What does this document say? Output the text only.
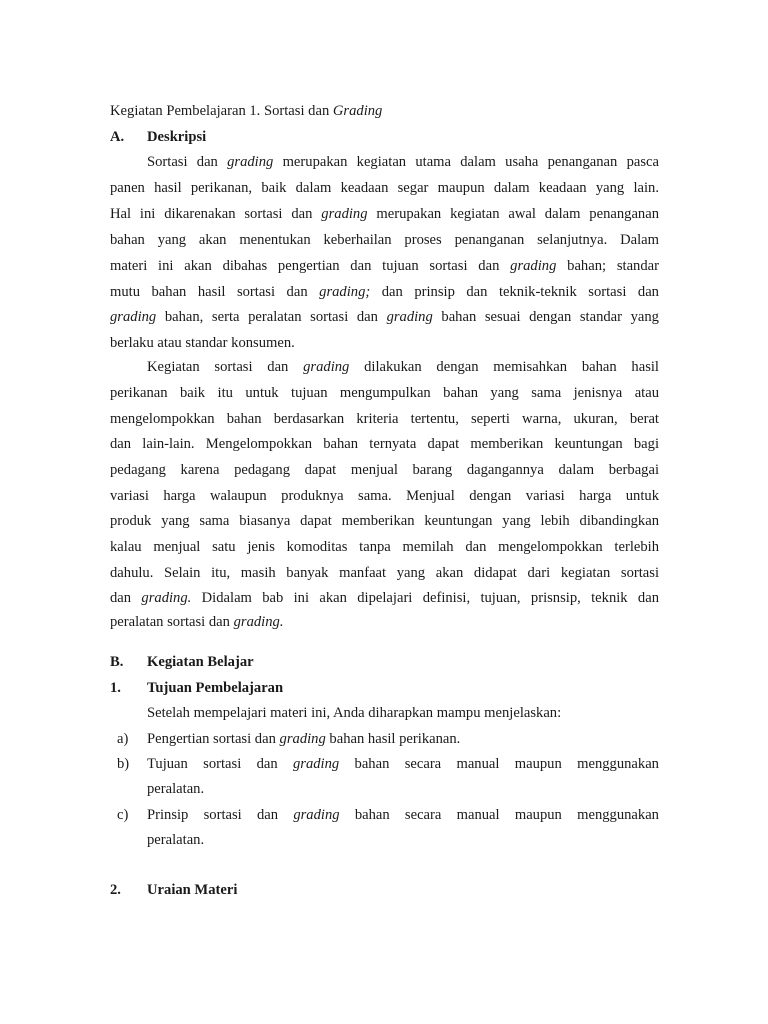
Kegiatan Pembelajaran 1. Sortasi dan Grading
A. Deskripsi
Sortasi dan grading merupakan kegiatan utama dalam usaha penanganan pasca
panen hasil perikanan, baik dalam keadaan segar maupun dalam keadaan yang lain.
Hal ini dikarenakan sortasi dan grading merupakan kegiatan awal dalam penanganan
bahan yang akan menentukan keberhailan proses penanganan selanjutnya. Dalam
materi ini akan dibahas pengertian dan tujuan sortasi dan grading bahan; standar
mutu bahan hasil sortasi dan grading; dan prinsip dan teknik-teknik sortasi dan
grading bahan, serta peralatan sortasi dan grading bahan sesuai dengan standar yang
berlaku atau standar konsumen.
Kegiatan sortasi dan grading dilakukan dengan memisahkan bahan hasil
perikanan baik itu untuk tujuan mengumpulkan bahan yang sama jenisnya atau
mengelompokkan bahan berdasarkan kriteria tertentu, seperti warna, ukuran, berat
dan lain-lain. Mengelompokkan bahan ternyata dapat memberikan keuntungan bagi
pedagang karena pedagang dapat menjual barang dagangannya dalam berbagai
variasi harga walaupun produknya sama. Menjual dengan variasi harga untuk
produk yang sama biasanya dapat memberikan keuntungan yang lebih dibandingkan
kalau menjual satu jenis komoditas tanpa memilah dan mengelompokkan terlebih
dahulu. Selain itu, masih banyak manfaat yang akan didapat dari kegiatan sortasi
dan grading. Didalam bab ini akan dipelajari definisi, tujuan, prisnsip, teknik dan
peralatan sortasi dan grading.
B. Kegiatan Belajar
1. Tujuan Pembelajaran
Setelah mempelajari materi ini, Anda diharapkan mampu menjelaskan:
a) Pengertian sortasi dan grading bahan hasil perikanan.
b) Tujuan sortasi dan grading bahan secara manual maupun menggunakan
peralatan.
c) Prinsip sortasi dan grading bahan secara manual maupun menggunakan
peralatan.
2. Uraian Materi
